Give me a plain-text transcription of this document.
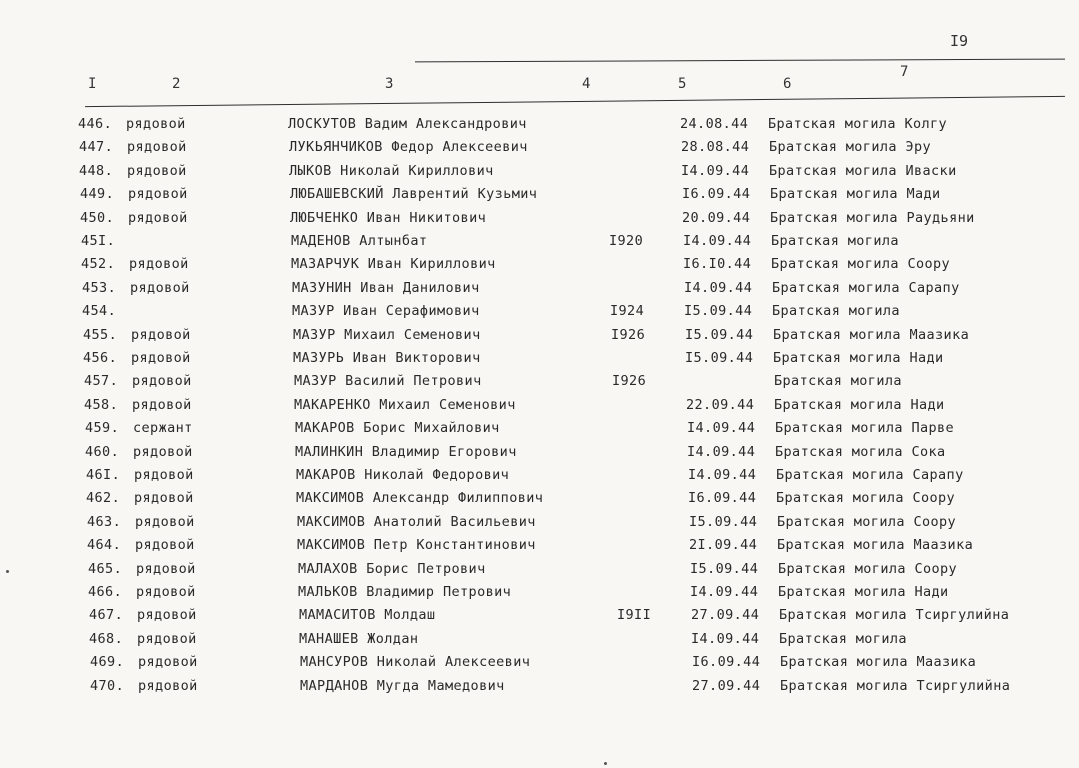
I9
I	2	3	4	5	6
7
446. рядовой	ЛОСКУТОВ Вадим Александрович	24.08.44 Братская могила Колгу
447. рядовой	ЛУКЬЯНЧИКОВ Федор Алексеевич	28.08.44 Братская могила Эру
448. рядовой	ЛЫКОВ Николай Кириллович	I4.09.44 Братская могила Иваски
449. рядовой	ЛЮБАШЕВСКИЙ Лаврентий Кузьмич	I6.09.44 Братская могила Мади
450. рядовой	ЛЮБЧЕНКО Иван Никитович	20.09.44 Братская могила Раудьяни
45I.	МАДЕНОВ Алтынбат	I920	I4.09.44 Братская могила
452. рядовой	МАЗАРЧУК Иван Кириллович	I6.I0.44 Братская могила Соору
453. рядовой	МАЗУНИН Иван Данилович	I4.09.44 Братская могила Сарапу
454.	МАЗУР Иван Серафимович	I924	I5.09.44 Братская могила
455. рядовой	МАЗУР Михаил Семенович	I926	I5.09.44 Братская могила Маазика
456. рядовой	МАЗУРЬ Иван Викторович	I5.09.44 Братская могила Нади
457. рядовой	МАЗУР Василий Петрович	I926	Братская могила
458. рядовой	МАКАРЕНКО Михаил Семенович	22.09.44 Братская могила Нади
459. сержант	МАКАРОВ Борис Михайлович	I4.09.44 Братская могила Парве
460. рядовой	МАЛИНКИН Владимир Егорович	I4.09.44 Братская могила Сока
46I. рядовой	МАКАРОВ Николай Федорович	I4.09.44 Братская могила Сарапу
462. рядовой	МАКСИМОВ Александр Филиппович	I6.09.44 Братская могила Соору
463. рядовой	МАКСИМОВ Анатолий Васильевич	I5.09.44 Братская могила Соору
464. рядовой	МАКСИМОВ Петр Константинович	2I.09.44 Братская могила Маазика
465. рядовой	МАЛАХОВ Борис Петрович	I5.09.44 Братская могила Соору
466. рядовой	МАЛЬКОВ Владимир Петрович	I4.09.44 Братская могила Нади
467. рядовой	МАМАСИТОВ Молдаш	I9II	27.09.44 Братская могила Тсиргулийна
468. рядовой	МАНАШЕВ Жолдан	I4.09.44 Братская могила
469. рядовой	МАНСУРОВ Николай Алексеевич	I6.09.44 Братская могила Маазика
470. рядовой	МАРДАНОВ Мугда Мамедович	27.09.44 Братская могила Тсиргулийна
